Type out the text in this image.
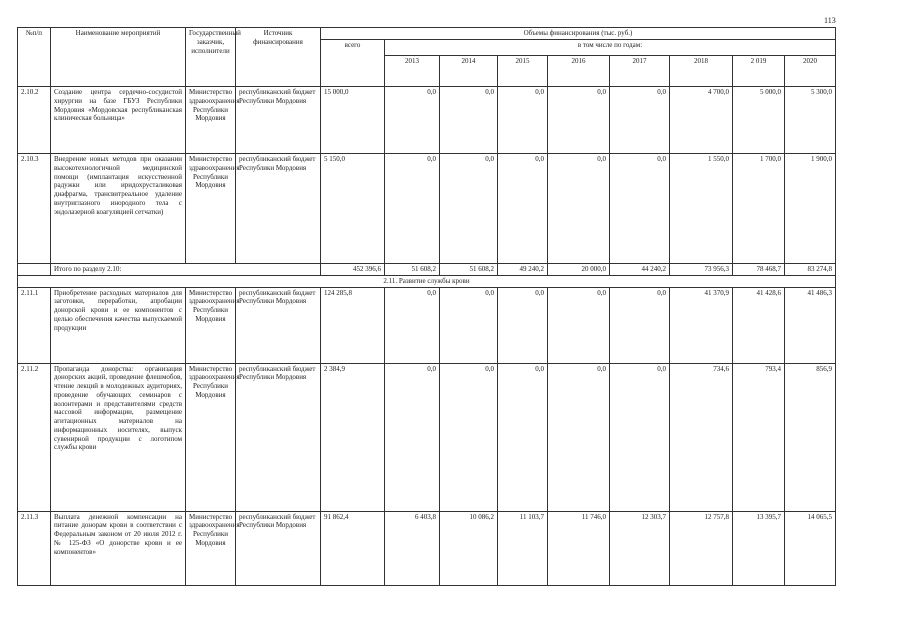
113
№п/п	Наименование мероприятий	Государственный заказчик, исполнители	Источник финансирования	Объемы финансирования (тыс. руб.)								
				всего	в том числе по годам:							
					2013	2014	2015	2016	2017	2018	2 019	2020
2.10.2	Создание центра сердечно-сосудистой хирургии на базе ГБУЗ Республики Мордовия «Мордовская республиканская клиническая больница»	Министерство здравоохранения Республики Мордовия	республиканский бюджет Республики Мордовия	15 000,0	0,0	0,0	0,0	0,0	0,0	4 700,0	5 000,0	5 300,0
2.10.3	Внедрение новых методов при оказании высокотехнологичной медицинской помощи (имплантация искусственной радужки или иридохрусталиковая диафрагма, трансвитреальное удаление внутриглазного инородного тела с эндолазерной коагуляцией сетчатки)	Министерство здравоохранения Республики Мордовия	республиканский бюджет Республики Мордовия	5 150,0	0,0	0,0	0,0	0,0	0,0	1 550,0	1 700,0	1 900,0
	Итого по разделу 2.10:			452 396,6	51 608,2	51 608,2	49 240,2	20 000,0	44 240,2	73 956,3	78 468,7	83 274,8
2.11. Развитие службы крови												
2.11.1	Приобретение расходных материалов для заготовки, переработки, апробации донорской крови и ее компонентов с целью обеспечения качества выпускаемой продукции	Министерство здравоохранения Республики Мордовия	республиканский бюджет Республики Мордовия	124 285,8	0,0	0,0	0,0	0,0	0,0	41 370,9	41 428,6	41 486,3
2.11.2	Пропаганда донорства: организация донорских акций, проведение флешмобов, чтение лекций в молодежных аудиториях, проведение обучающих семинаров с волонтерами и представителями средств массовой информации, размещение агитационных материалов на информационных носителях, выпуск сувенирной продукции с логотипом службы крови	Министерство здравоохранения Республики Мордовия	республиканский бюджет Республики Мордовия	2 384,9	0,0	0,0	0,0	0,0	0,0	734,6	793,4	856,9
2.11.3	Выплата денежной компенсации на питание донорам крови в соответствии с Федеральным законом от 20 июля 2012 г. № 125-ФЗ «О донорстве крови и ее компонентов»	Министерство здравоохранения Республики Мордовия	республиканский бюджет Республики Мордовия	91 862,4	6 403,8	10 086,2	11 103,7	11 746,0	12 303,7	12 757,8	13 395,7	14 065,5
